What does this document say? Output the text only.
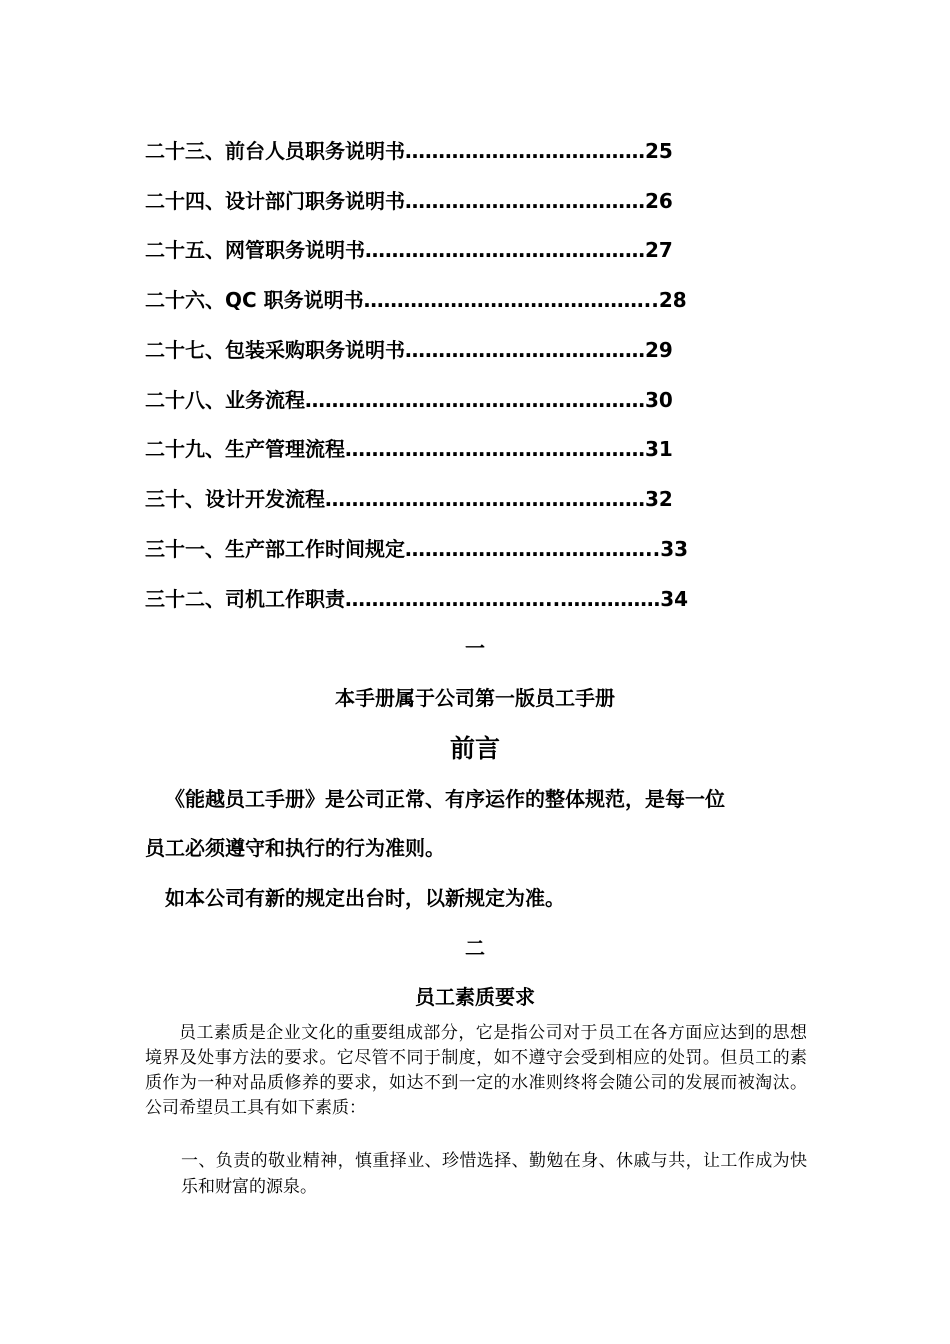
二十三、前台人员职务说明书………………………………25
二十四、设计部门职务说明书………………………………26
二十五、网管职务说明书……………………………………27
二十六、QC 职务说明书……………………………………..28
二十七、包装采购职务说明书………………………………29
二十八、业务流程……………………………………………30
二十九、生产管理流程………………………………………31
三十、设计开发流程…………………………………………32
三十一、生产部工作时间规定………………………………..33
三十二、司机工作职责…………………………..……………34
一
本手册属于公司第一版员工手册
前言
《能越员工手册》是公司正常、有序运作的整体规范，是每一位
员工必须遵守和执行的行为准则。
如本公司有新的规定出台时，以新规定为准。
二
员工素质要求

员工素质是企业文化的重要组成部分，它是指公司对于员工在各方面应达到的思想境界及处事方法的要求。它尽管不同于制度，如不遵守会受到相应的处罚。但员工的素质作为一种对品质修养的要求，如达不到一定的水准则终将会随公司的发展而被淘汰。公司希望员工具有如下素质：

一、负责的敬业精神，慎重择业、珍惜选择、勤勉在身、休戚与共，让工作成为快乐和财富的源泉。
